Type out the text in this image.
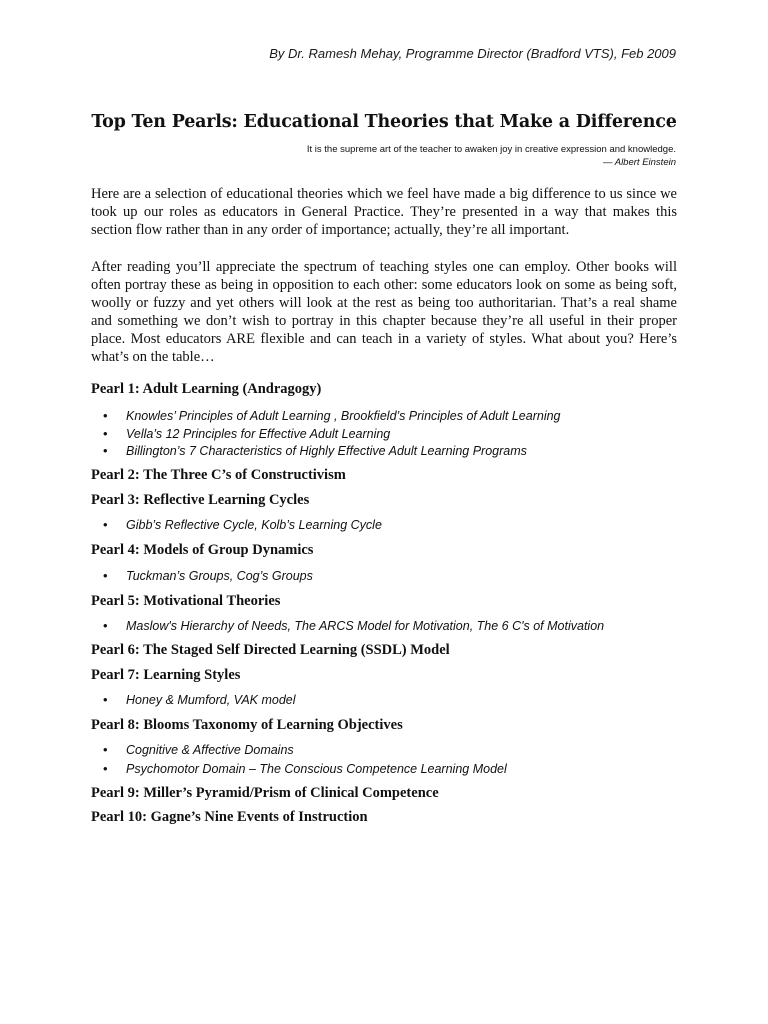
By Dr. Ramesh Mehay, Programme Director (Bradford VTS), Feb 2009
Top Ten Pearls: Educational Theories that Make a Difference
It is the supreme art of the teacher to awaken joy in creative expression and knowledge.
— Albert Einstein

Here are a selection of educational theories which we feel have made a big difference to us since we took up our roles as educators in General Practice. They’re presented in a way that makes this section flow rather than in any order of importance; actually, they’re all important.

After reading you’ll appreciate the spectrum of teaching styles one can employ. Other books will often portray these as being in opposition to each other: some educators look on some as being soft, woolly or fuzzy and yet others will look at the rest as being too authoritarian. That’s a real shame and something we don’t wish to portray in this chapter because they’re all useful in their proper place. Most educators ARE flexible and can teach in a variety of styles. What about you? Here’s what’s on the table…

Pearl 1: Adult Learning (Andragogy)
• Knowles’ Principles of Adult Learning , Brookfield’s Principles of Adult Learning
• Vella’s 12 Principles for Effective Adult Learning
• Billington’s 7 Characteristics of Highly Effective Adult Learning Programs
Pearl 2: The Three C’s of Constructivism
Pearl 3: Reflective Learning Cycles
• Gibb’s Reflective Cycle, Kolb’s Learning Cycle
Pearl 4: Models of Group Dynamics
• Tuckman’s Groups, Cog’s Groups
Pearl 5: Motivational Theories
• Maslow's Hierarchy of Needs, The ARCS Model for Motivation, The 6 C's of Motivation
Pearl 6: The Staged Self Directed Learning (SSDL) Model
Pearl 7: Learning Styles
• Honey & Mumford, VAK model
Pearl 8: Blooms Taxonomy of Learning Objectives
• Cognitive & Affective Domains
• Psychomotor Domain – The Conscious Competence Learning Model
Pearl 9: Miller’s Pyramid/Prism of Clinical Competence
Pearl 10: Gagne’s Nine Events of Instruction
